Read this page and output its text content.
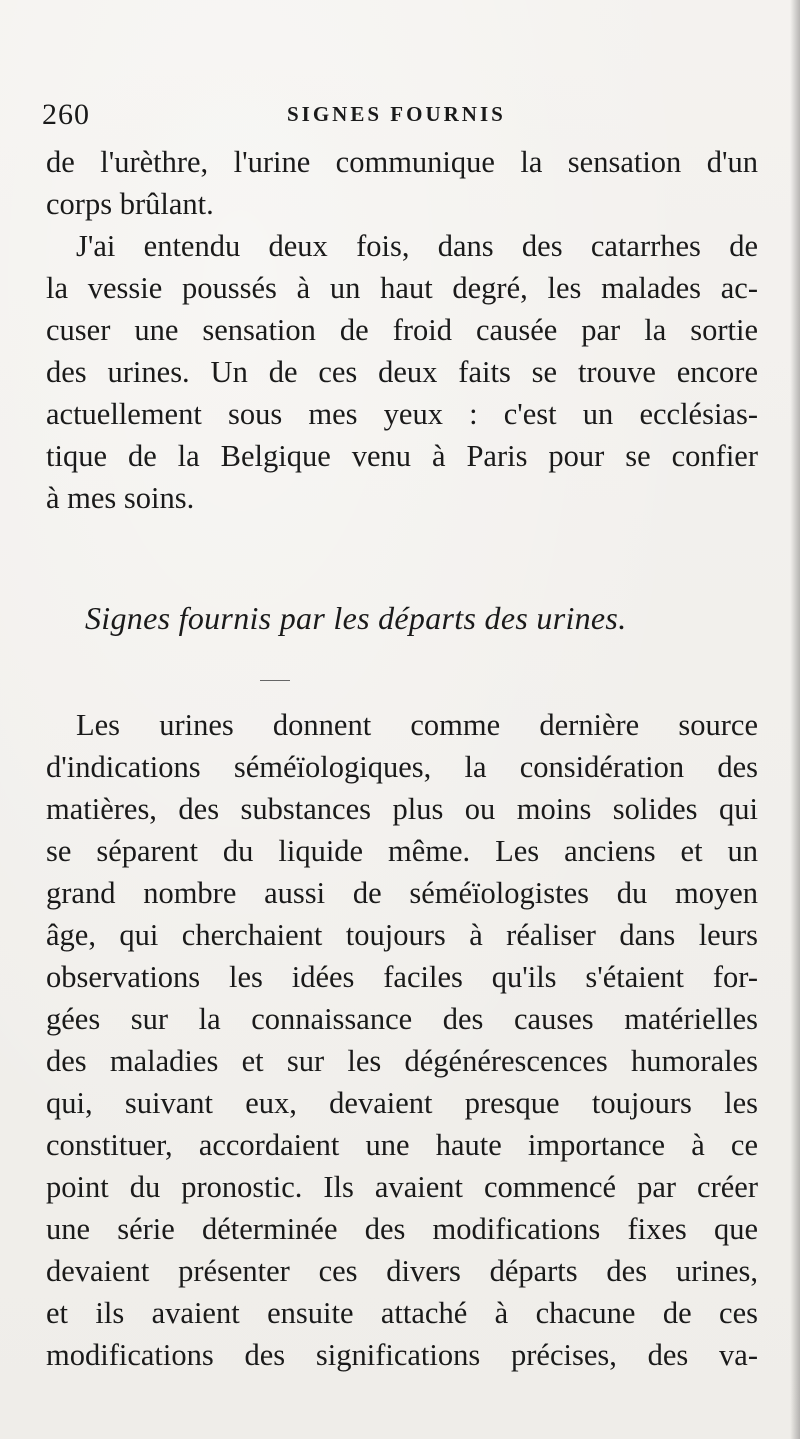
260	SIGNES FOURNIS
de l'urèthre, l'urine communique la sensation d'un
corps brûlant.
J'ai entendu deux fois, dans des catarrhes de
la vessie poussés à un haut degré, les malades ac-
cuser une sensation de froid causée par la sortie
des urines. Un de ces deux faits se trouve encore
actuellement sous mes yeux : c'est un ecclésias-
tique de la Belgique venu à Paris pour se confier
à mes soins.
Signes fournis par les départs des urines.
Les urines donnent comme dernière source
d'indications séméïologiques, la considération des
matières, des substances plus ou moins solides qui
se séparent du liquide même. Les anciens et un
grand nombre aussi de séméïologistes du moyen
âge, qui cherchaient toujours à réaliser dans leurs
observations les idées faciles qu'ils s'étaient for-
gées sur la connaissance des causes matérielles
des maladies et sur les dégénérescences humorales
qui, suivant eux, devaient presque toujours les
constituer, accordaient une haute importance à ce
point du pronostic. Ils avaient commencé par créer
une série déterminée des modifications fixes que
devaient présenter ces divers départs des urines,
et ils avaient ensuite attaché à chacune de ces
modifications des significations précises, des va-
